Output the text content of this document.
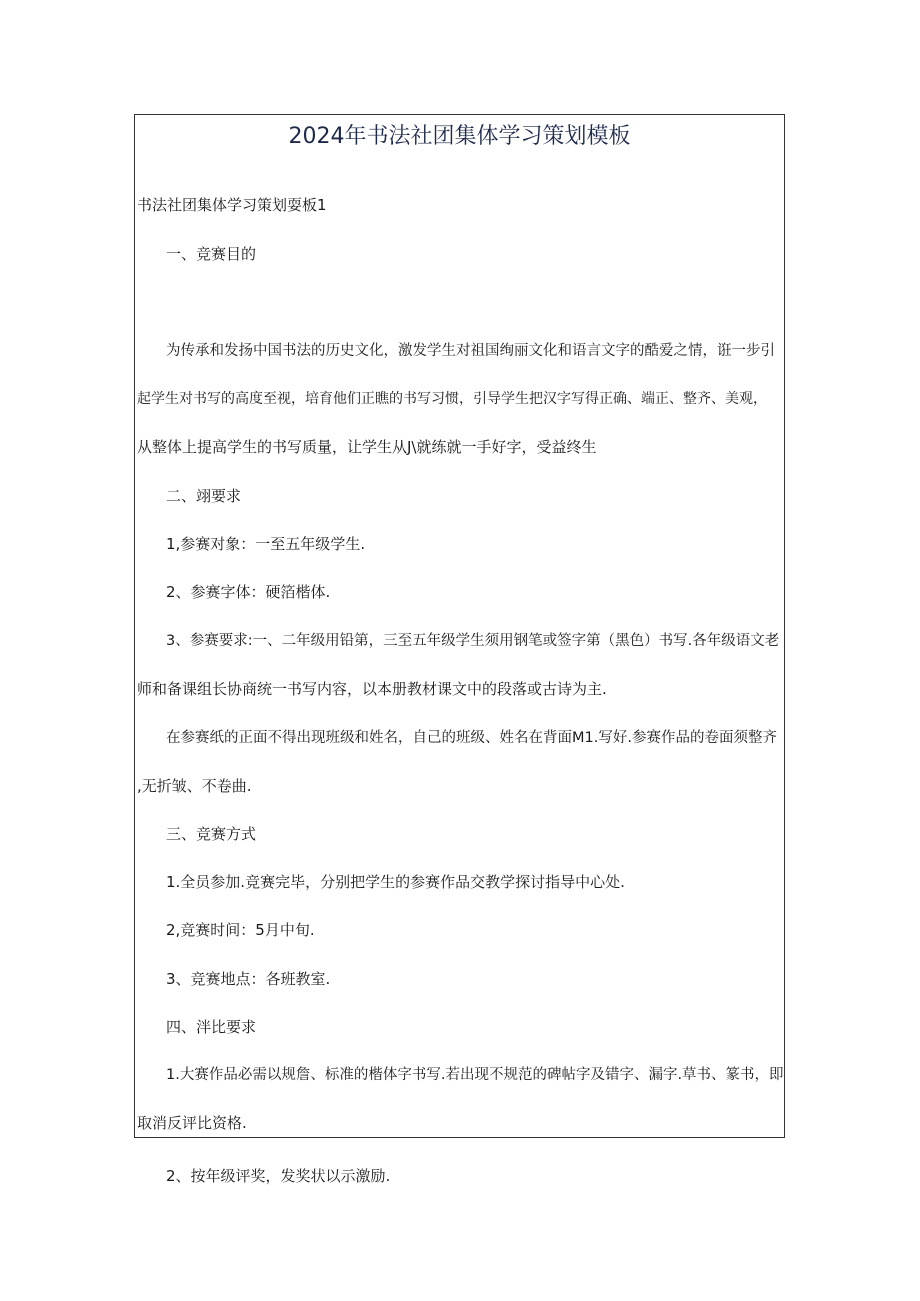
2024年书法社团集体学习策划模板
书法社团集体学习策划耍板1
一、竞赛目的
为传承和发扬中国书法的历史文化，激发学生对祖国绚丽文化和语言文字的酷爱之情，诳一步引
起学生对书写的高度至视，培育他们正瞧的书写习惯，引导学生把汉字写得正确、端正、整齐、美观，
从整体上提高学生的书写质量，让学生从J\就练就一手好字，受益终生
二、翊要求
1,参赛对象：一至五年级学生.
2、参赛字体：硬箔楷体.
3、参赛要求:一、二年级用铅第，三至五年级学生须用钢笔或签字第（黑色）书写.各年级语文老
师和备课组长协商统一书写内容，以本册教材课文中的段落或古诗为主.
在参赛纸的正面不得出现班级和姓名，自己的班级、姓名在背面M1.写好.参赛作品的卷面须整齐
,无折皱、不卷曲.
三、竞赛方式
1.全员参加.竞赛完毕，分别把学生的参赛作品交教学探讨指导中心处.
2,竞赛时间：5月中旬.
3、竞赛地点：各班教室.
四、泮比要求
1.大赛作品必需以规詹、标准的楷体字书写.若出现不规范的碑帖字及错字、漏字.草书、篆书，即
取消反评比资格.
2、按年级评奖，发奖状以示激励.
